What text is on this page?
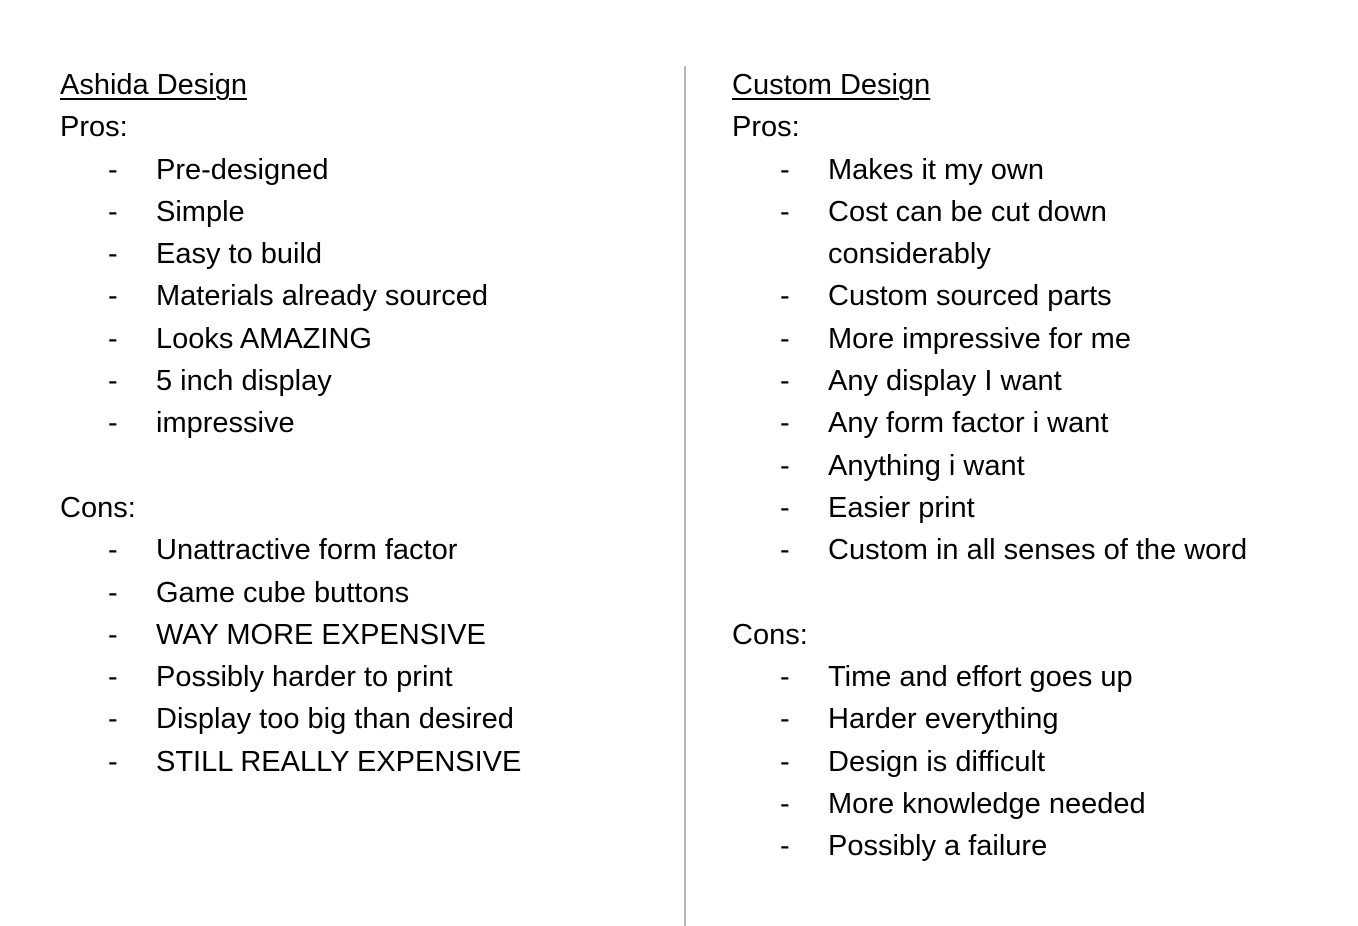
Ashida Design
Pros:
- Pre-designed
- Simple
- Easy to build
- Materials already sourced
- Looks AMAZING
- 5 inch display
- impressive
Cons:
- Unattractive form factor
- Game cube buttons
- WAY MORE EXPENSIVE
- Possibly harder to print
- Display too big than desired
- STILL REALLY EXPENSIVE
Custom Design
Pros:
- Makes it my own
- Cost can be cut down considerably
- Custom sourced parts
- More impressive for me
- Any display I want
- Any form factor i want
- Anything i want
- Easier print
- Custom in all senses of the word
Cons:
- Time and effort goes up
- Harder everything
- Design is difficult
- More knowledge needed
- Possibly a failure
